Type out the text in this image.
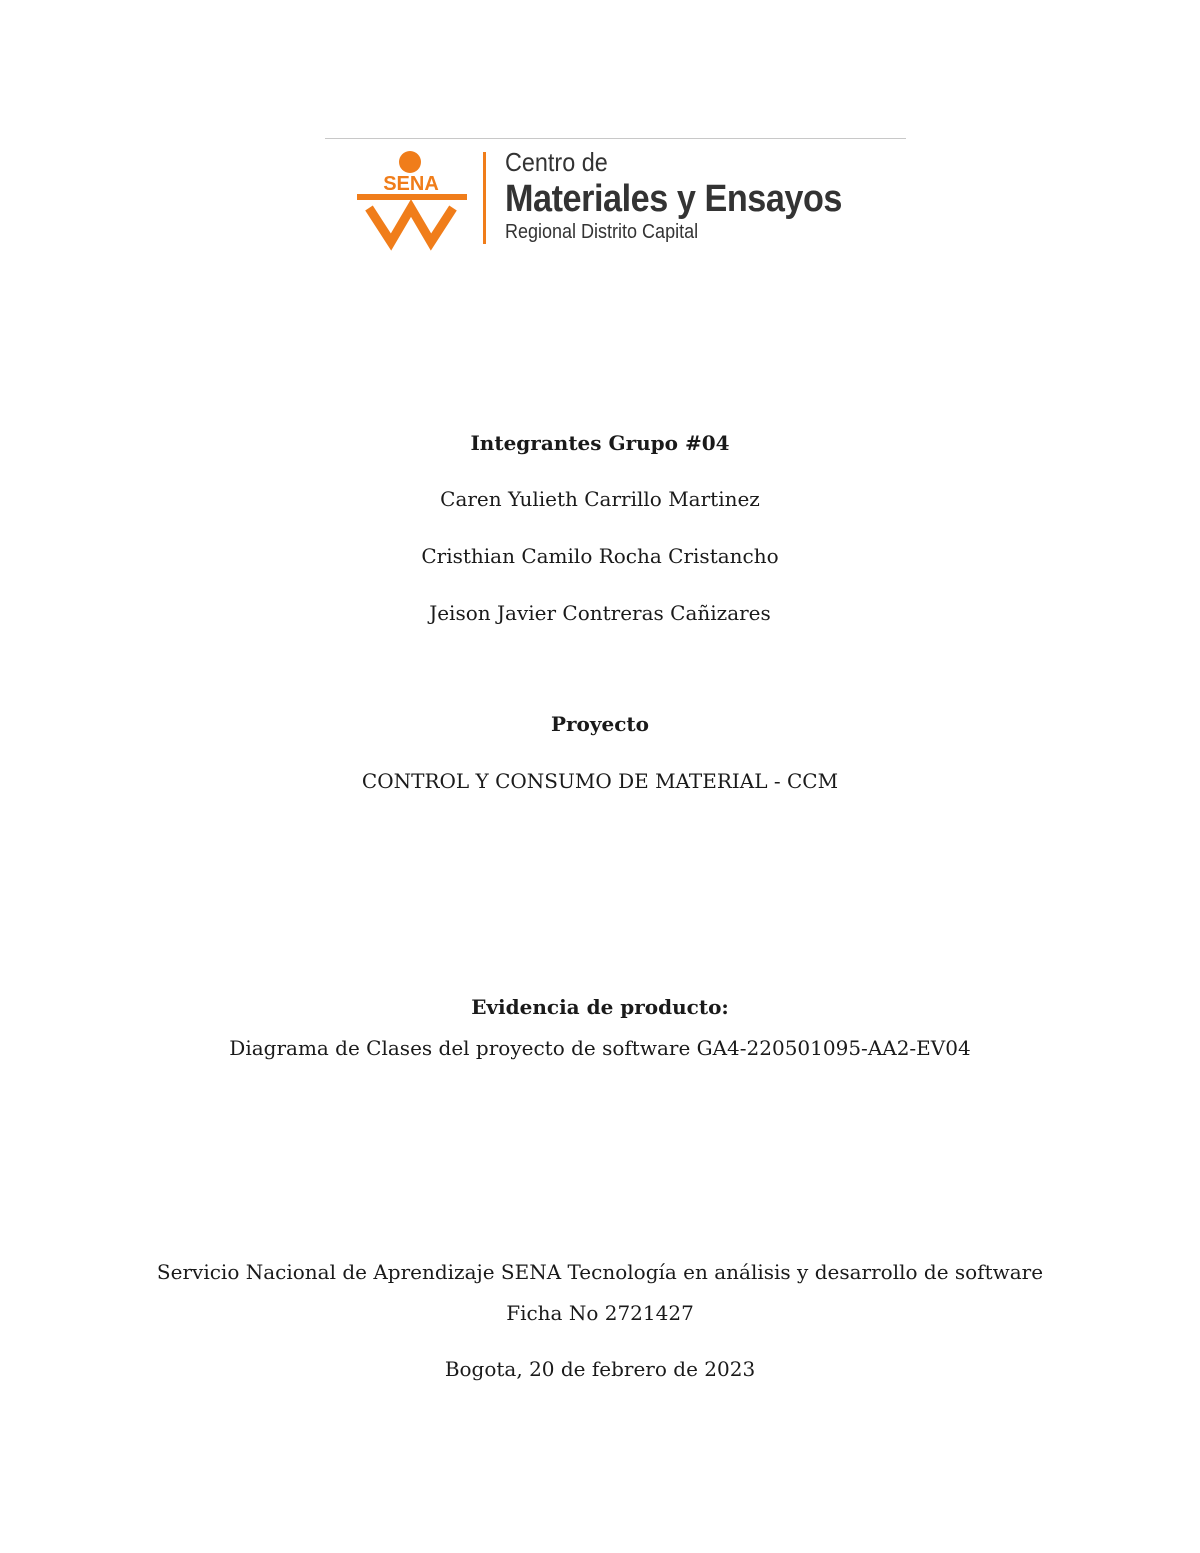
SENA
Centro de
Materiales y Ensayos
Regional Distrito Capital
Integrantes Grupo #04
Caren Yulieth Carrillo Martinez
Cristhian Camilo Rocha Cristancho
Jeison Javier Contreras Cañizares
Proyecto
CONTROL Y CONSUMO DE MATERIAL - CCM
Evidencia de producto:
Diagrama de Clases del proyecto de software GA4-220501095-AA2-EV04
Servicio Nacional de Aprendizaje SENA Tecnología en análisis y desarrollo de software
Ficha No 2721427
Bogota, 20 de febrero de 2023
